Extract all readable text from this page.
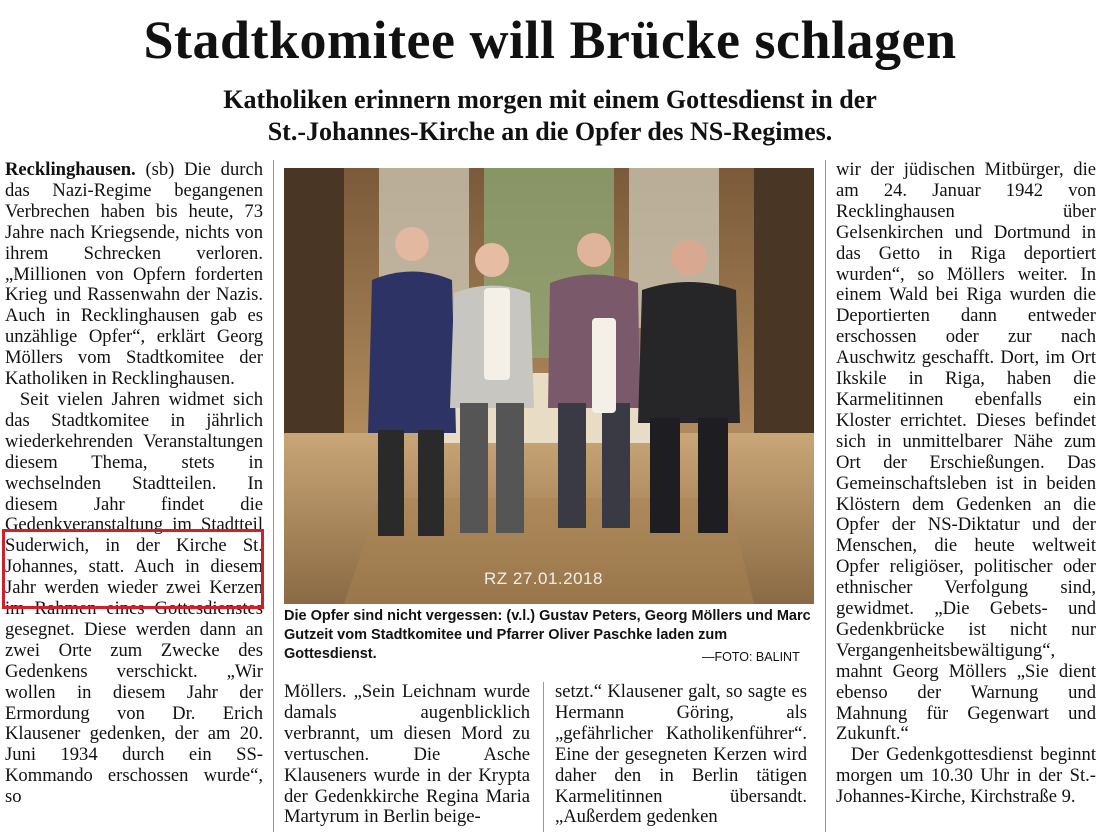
Stadtkomitee will Brücke schlagen
Katholiken erinnern morgen mit einem Gottesdienst in der
St.-Johannes-Kirche an die Opfer des NS-Regimes.

Recklinghausen. (sb) Die durch das Nazi-Regime begangenen Verbrechen haben bis heute, 73 Jahre nach Kriegsende, nichts von ihrem Schrecken verloren. „Millionen von Opfern forderten Krieg und Rassenwahn der Nazis. Auch in Recklinghausen gab es unzählige Opfer“, erklärt Georg Möllers vom Stadtkomitee der Katholiken in Recklinghausen.

Seit vielen Jahren widmet sich das Stadtkomitee in jährlich wiederkehrenden Veranstaltungen diesem Thema, stets in wechselnden Stadtteilen. In diesem Jahr findet die Gedenkveranstaltung im Stadtteil Suderwich, in der Kirche St. Johannes, statt. Auch in diesem Jahr werden wieder zwei Kerzen im Rahmen eines Gottesdienstes gesegnet. Diese werden dann an zwei Orte zum Zwecke des Gedenkens verschickt. „Wir wollen in diesem Jahr der Ermordung von Dr. Erich Klausener gedenken, der am 20. Juni 1934 durch ein SS-Kommando erschossen wurde“, so

RZ 27.01.2018
Die Opfer sind nicht vergessen: (v.l.) Gustav Peters, Georg Möllers und Marc Gutzeit vom Stadtkomitee und Pfarrer Oliver Paschke laden zum Gottesdienst.	—FOTO: BALINT

Möllers. „Sein Leichnam wurde damals augenblicklich verbrannt, um diesen Mord zu vertuschen. Die Asche Klauseners wurde in der Krypta der Gedenkkirche Regina Maria Martyrum in Berlin beige-

setzt.“ Klausener galt, so sagte es Hermann Göring, als „gefährlicher Katholikenführer“. Eine der gesegneten Kerzen wird daher den in Berlin tätigen Karmelitinnen übersandt. „Außerdem gedenken

wir der jüdischen Mitbürger, die am 24. Januar 1942 von Recklinghausen über Gelsenkirchen und Dortmund in das Getto in Riga deportiert wurden“, so Möllers weiter. In einem Wald bei Riga wurden die Deportierten dann entweder erschossen oder zur nach Auschwitz geschafft. Dort, im Ort Ikskile in Riga, haben die Karmelitinnen ebenfalls ein Kloster errichtet. Dieses befindet sich in unmittelbarer Nähe zum Ort der Erschießungen. Das Gemeinschaftsleben ist in beiden Klöstern dem Gedenken an die Opfer der NS-Diktatur und der Menschen, die heute weltweit Opfer religiöser, politischer oder ethnischer Verfolgung sind, gewidmet. „Die Gebets- und Gedenkbrücke ist nicht nur Vergangenheitsbewältigung“, mahnt Georg Möllers „Sie dient ebenso der Warnung und Mahnung für Gegenwart und Zukunft.“

Der Gedenkgottesdienst beginnt morgen um 10.30 Uhr in der St.-Johannes-Kirche, Kirchstraße 9.
